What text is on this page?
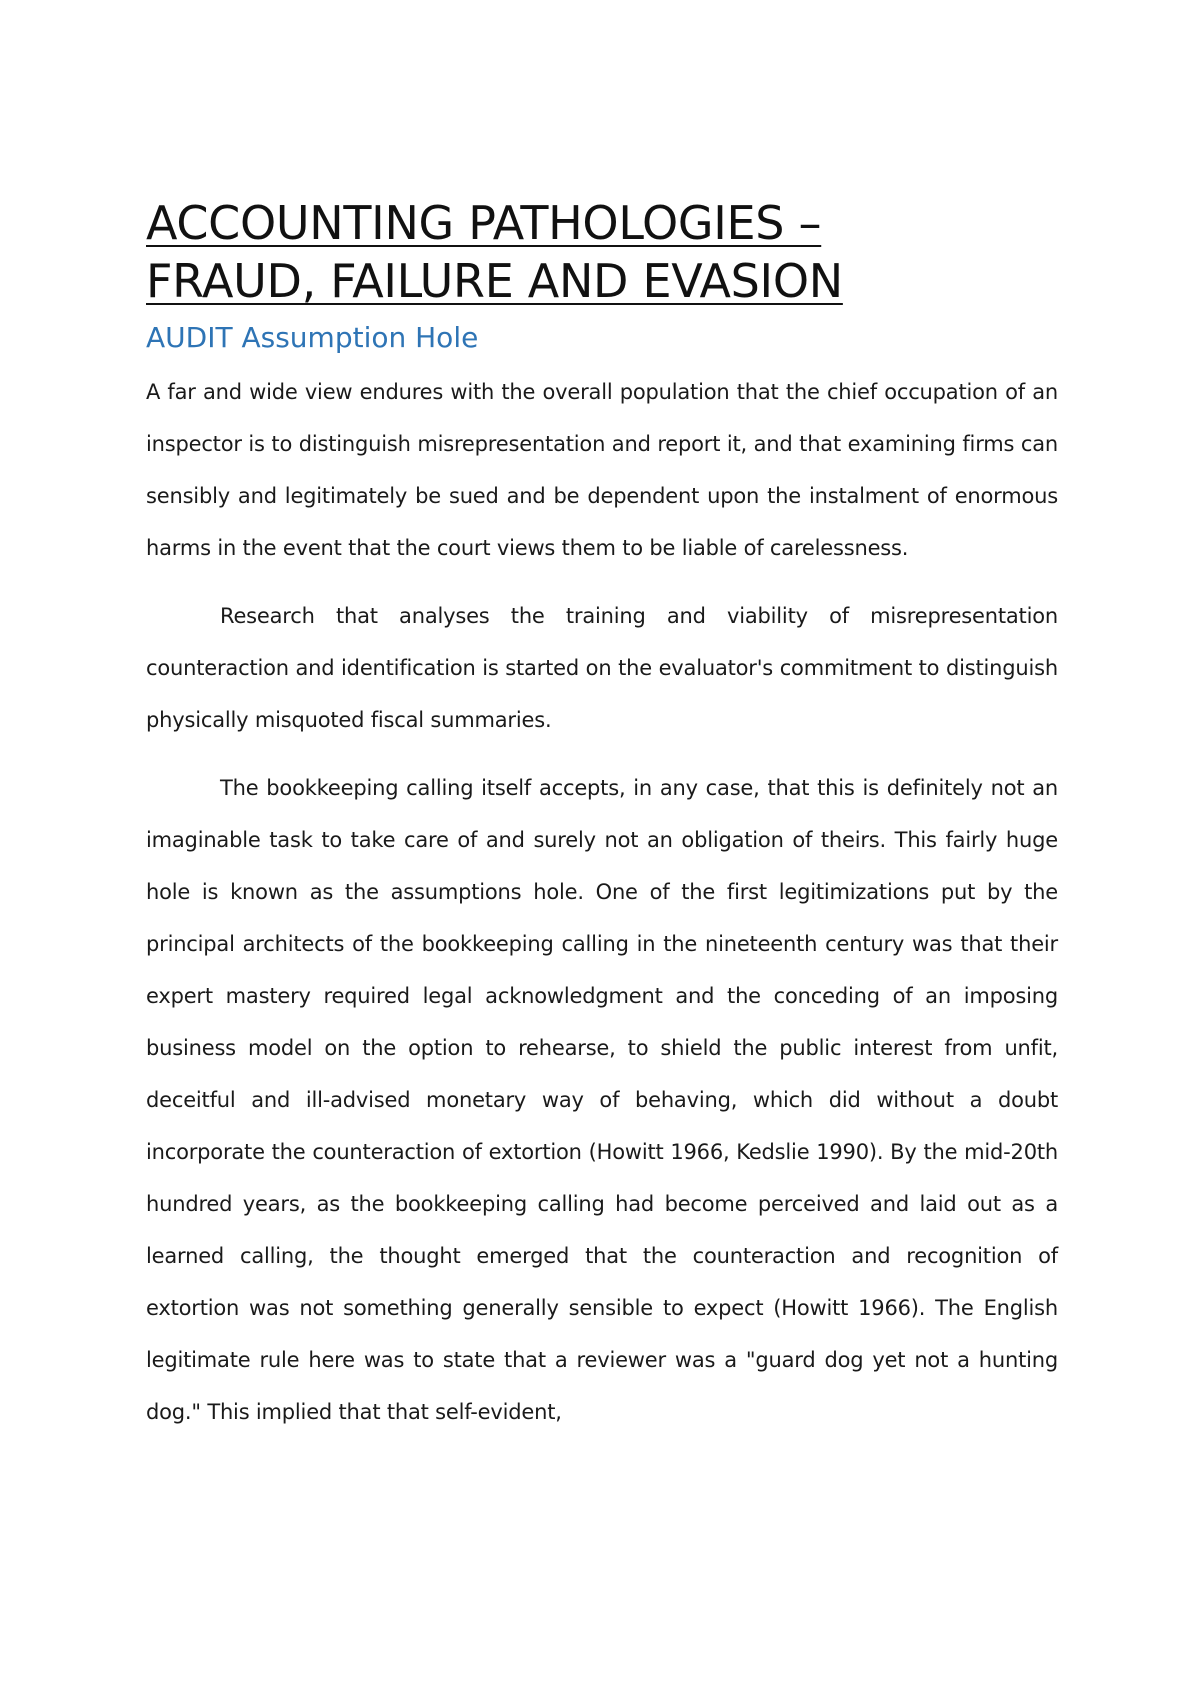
ACCOUNTING PATHOLOGIES –
FRAUD, FAILURE AND EVASION
AUDIT Assumption Hole

A far and wide view endures with the overall population that the chief occupation of an inspector is to distinguish misrepresentation and report it, and that examining firms can sensibly and legitimately be sued and be dependent upon the instalment of enormous harms in the event that the court views them to be liable of carelessness.

Research that analyses the training and viability of misrepresentation counteraction and identification is started on the evaluator's commitment to distinguish physically misquoted fiscal summaries.

The bookkeeping calling itself accepts, in any case, that this is definitely not an imaginable task to take care of and surely not an obligation of theirs. This fairly huge hole is known as the assumptions hole. One of the first legitimizations put by the principal architects of the bookkeeping calling in the nineteenth century was that their expert mastery required legal acknowledgment and the conceding of an imposing business model on the option to rehearse, to shield the public interest from unfit, deceitful and ill-advised monetary way of behaving, which did without a doubt incorporate the counteraction of extortion (Howitt 1966, Kedslie 1990). By the mid-20th hundred years, as the bookkeeping calling had become perceived and laid out as a learned calling, the thought emerged that the counteraction and recognition of extortion was not something generally sensible to expect (Howitt 1966). The English legitimate rule here was to state that a reviewer was a "guard dog yet not a hunting dog." This implied that that self-evident,
